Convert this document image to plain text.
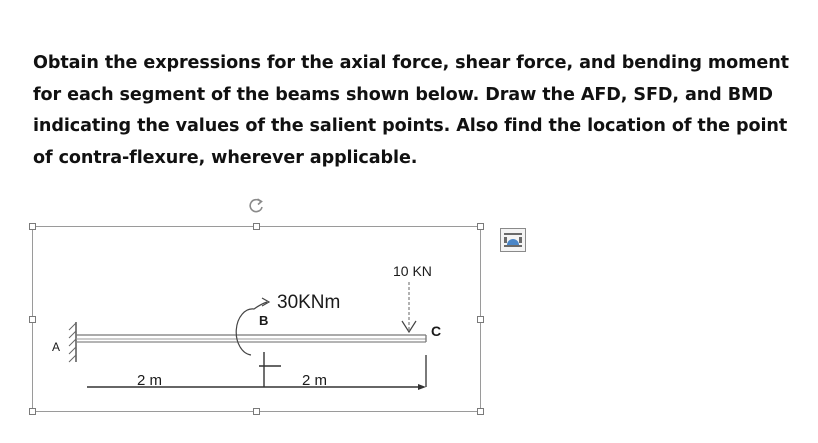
Obtain the expressions for the axial force, shear force, and bending moment for each segment of the beams shown below. Draw the AFD, SFD, and BMD indicating the values of the salient points. Also find the location of the point of contra-flexure, wherever applicable.

A
B
30KNm
10 KN
C
2 m	2 m
